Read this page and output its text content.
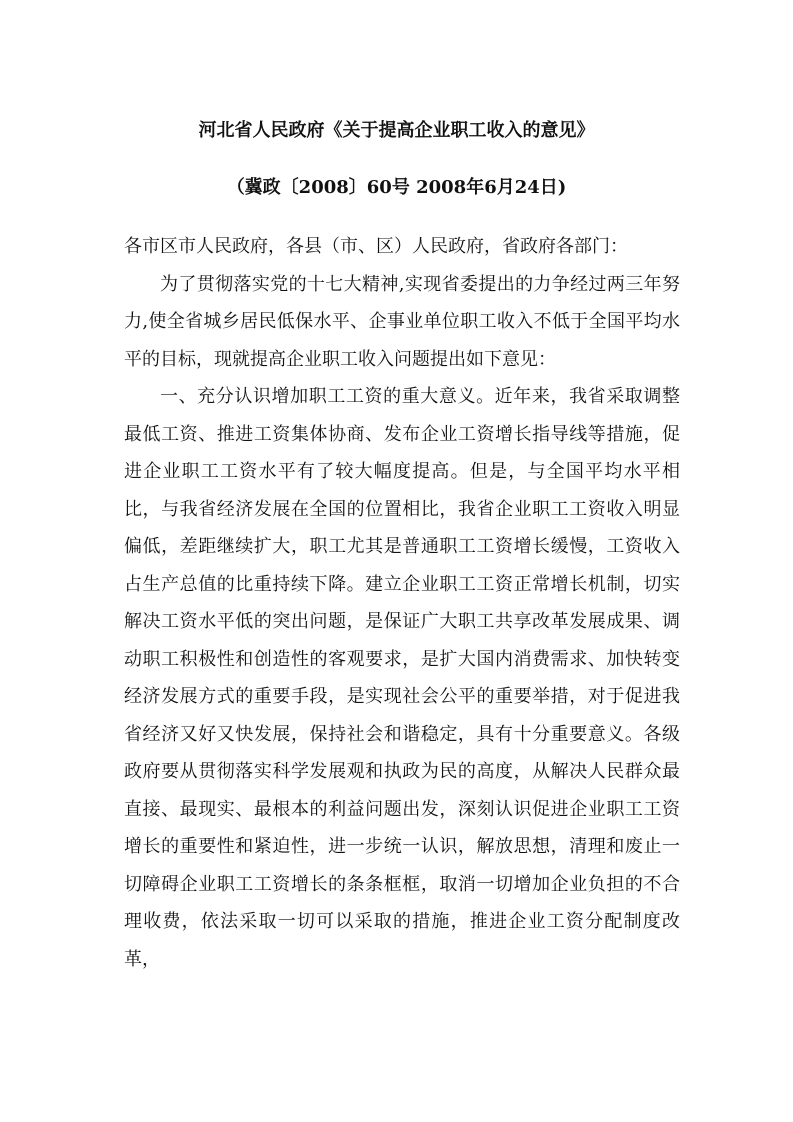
河北省人民政府《关于提高企业职工收入的意见》
（冀政〔2008〕60号 2008年6月24日)

各市区市人民政府，各县（市、区）人民政府，省政府各部门：

为了贯彻落实党的十七大精神,实现省委提出的力争经过两三年努力,使全省城乡居民低保水平、企事业单位职工收入不低于全国平均水平的目标，现就提高企业职工收入问题提出如下意见：

一、充分认识增加职工工资的重大意义。近年来，我省采取调整最低工资、推进工资集体协商、发布企业工资增长指导线等措施，促进企业职工工资水平有了较大幅度提高。但是，与全国平均水平相比，与我省经济发展在全国的位置相比，我省企业职工工资收入明显偏低，差距继续扩大，职工尤其是普通职工工资增长缓慢，工资收入占生产总值的比重持续下降。建立企业职工工资正常增长机制，切实解决工资水平低的突出问题，是保证广大职工共享改革发展成果、调动职工积极性和创造性的客观要求，是扩大国内消费需求、加快转变经济发展方式的重要手段，是实现社会公平的重要举措，对于促进我省经济又好又快发展，保持社会和谐稳定，具有十分重要意义。各级政府要从贯彻落实科学发展观和执政为民的高度，从解决人民群众最直接、最现实、最根本的利益问题出发，深刻认识促进企业职工工资增长的重要性和紧迫性，进一步统一认识，解放思想，清理和废止一切障碍企业职工工资增长的条条框框，取消一切增加企业负担的不合理收费，依法采取一切可以采取的措施，推进企业工资分配制度改革，
